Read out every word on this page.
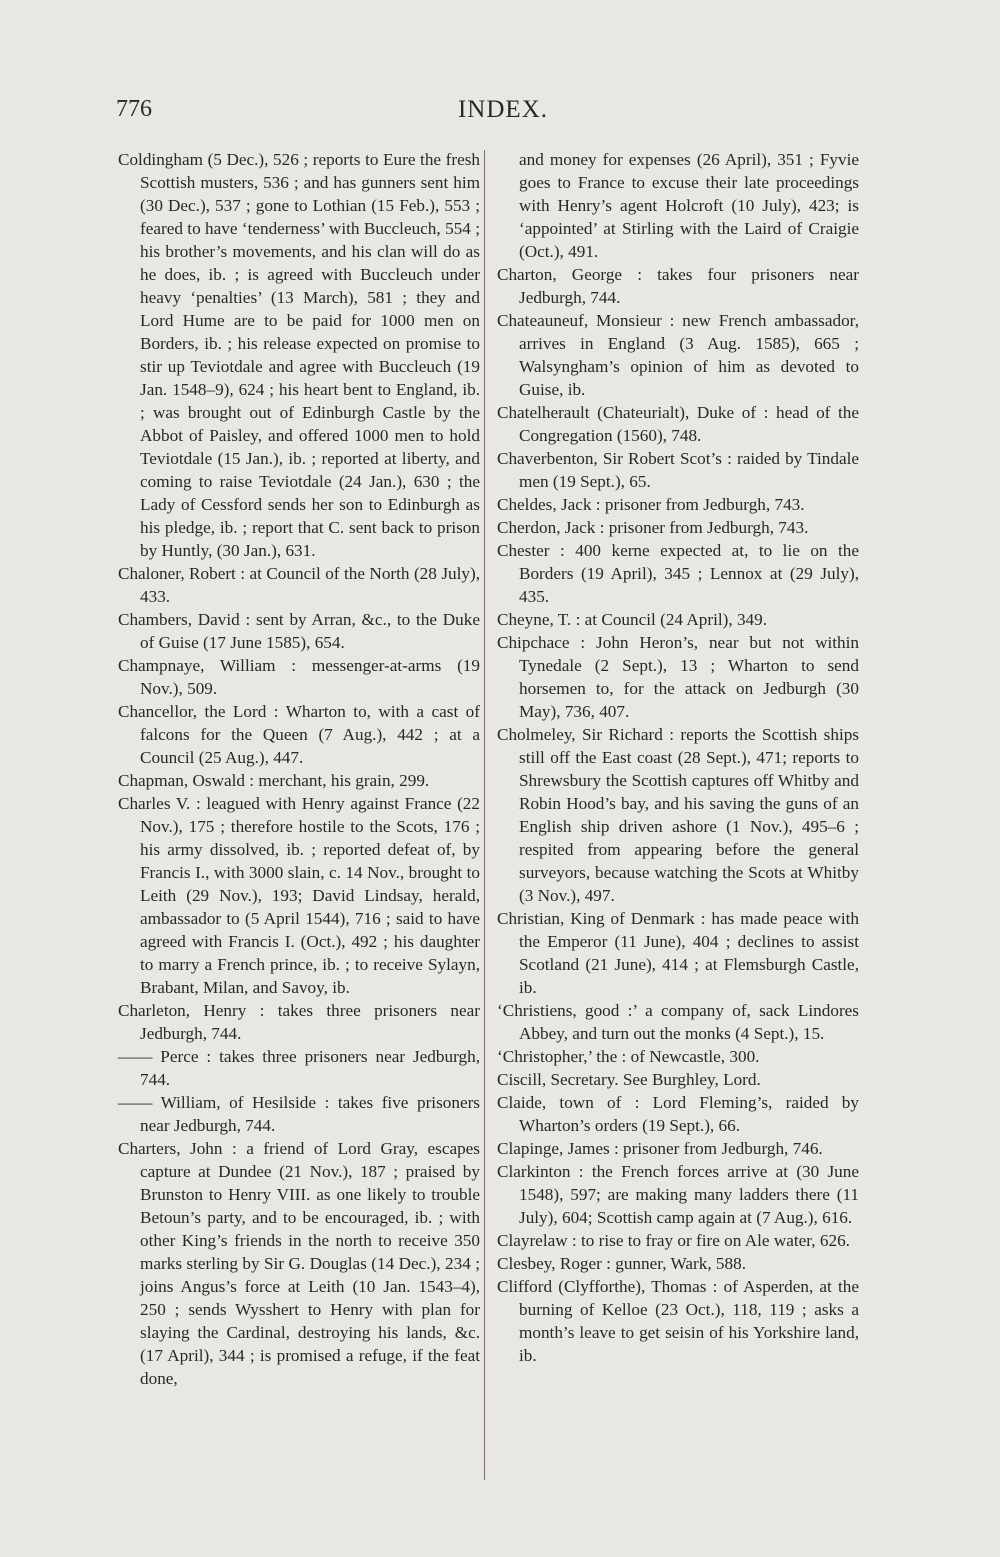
776	INDEX.

Coldingham (5 Dec.), 526 ; reports to Eure the fresh Scottish musters, 536 ; and has gunners sent him (30 Dec.), 537 ; gone to Lothian (15 Feb.), 553 ; feared to have ‘tenderness’ with Buccleuch, 554 ; his brother’s movements, and his clan will do as he does, ib. ; is agreed with Buccleuch under heavy ‘penalties’ (13 March), 581 ; they and Lord Hume are to be paid for 1000 men on Borders, ib. ; his release expected on promise to stir up Teviotdale and agree with Buccleuch (19 Jan. 1548–9), 624 ; his heart bent to England, ib. ; was brought out of Edinburgh Castle by the Abbot of Paisley, and offered 1000 men to hold Teviotdale (15 Jan.), ib. ; reported at liberty, and coming to raise Teviotdale (24 Jan.), 630 ; the Lady of Cessford sends her son to Edinburgh as his pledge, ib. ; report that C. sent back to prison by Huntly, (30 Jan.), 631.

Chaloner, Robert : at Council of the North (28 July), 433.

Chambers, David : sent by Arran, &c., to the Duke of Guise (17 June 1585), 654.

Champnaye, William : messenger-at-arms (19 Nov.), 509.

Chancellor, the Lord : Wharton to, with a cast of falcons for the Queen (7 Aug.), 442 ; at a Council (25 Aug.), 447.

Chapman, Oswald : merchant, his grain, 299.

Charles V. : leagued with Henry against France (22 Nov.), 175 ; therefore hostile to the Scots, 176 ; his army dissolved, ib. ; reported defeat of, by Francis I., with 3000 slain, c. 14 Nov., brought to Leith (29 Nov.), 193; David Lindsay, herald, ambassador to (5 April 1544), 716 ; said to have agreed with Francis I. (Oct.), 492 ; his daughter to marry a French prince, ib. ; to receive Sylayn, Brabant, Milan, and Savoy, ib.

Charleton, Henry : takes three prisoners near Jedburgh, 744.

—— Perce : takes three prisoners near Jedburgh, 744.

—— William, of Hesilside : takes five prisoners near Jedburgh, 744.

Charters, John : a friend of Lord Gray, escapes capture at Dundee (21 Nov.), 187 ; praised by Brunston to Henry VIII. as one likely to trouble Betoun’s party, and to be encouraged, ib. ; with other King’s friends in the north to receive 350 marks sterling by Sir G. Douglas (14 Dec.), 234 ; joins Angus’s force at Leith (10 Jan. 1543–4), 250 ; sends Wysshert to Henry with plan for slaying the Cardinal, destroying his lands, &c. (17 April), 344 ; is promised a refuge, if the feat done,

and money for expenses (26 April), 351 ; Fyvie goes to France to excuse their late proceedings with Henry’s agent Holcroft (10 July), 423; is ‘appointed’ at Stirling with the Laird of Craigie (Oct.), 491.

Charton, George : takes four prisoners near Jedburgh, 744.

Chateauneuf, Monsieur : new French ambassador, arrives in England (3 Aug. 1585), 665 ; Walsyngham’s opinion of him as devoted to Guise, ib.

Chatelherault (Chateurialt), Duke of : head of the Congregation (1560), 748.

Chaverbenton, Sir Robert Scot’s : raided by Tindale men (19 Sept.), 65.

Cheldes, Jack : prisoner from Jedburgh, 743.

Cherdon, Jack : prisoner from Jedburgh, 743.

Chester : 400 kerne expected at, to lie on the Borders (19 April), 345 ; Lennox at (29 July), 435.

Cheyne, T. : at Council (24 April), 349.

Chipchace : John Heron’s, near but not within Tynedale (2 Sept.), 13 ; Wharton to send horsemen to, for the attack on Jedburgh (30 May), 736, 407.

Cholmeley, Sir Richard : reports the Scottish ships still off the East coast (28 Sept.), 471; reports to Shrewsbury the Scottish captures off Whitby and Robin Hood’s bay, and his saving the guns of an English ship driven ashore (1 Nov.), 495–6 ; respited from appearing before the general surveyors, because watching the Scots at Whitby (3 Nov.), 497.

Christian, King of Denmark : has made peace with the Emperor (11 June), 404 ; declines to assist Scotland (21 June), 414 ; at Flemsburgh Castle, ib.

‘Christiens, good :’ a company of, sack Lindores Abbey, and turn out the monks (4 Sept.), 15.

‘Christopher,’ the : of Newcastle, 300.

Ciscill, Secretary. See Burghley, Lord.

Claide, town of : Lord Fleming’s, raided by Wharton’s orders (19 Sept.), 66.

Clapinge, James : prisoner from Jedburgh, 746.

Clarkinton : the French forces arrive at (30 June 1548), 597; are making many ladders there (11 July), 604; Scottish camp again at (7 Aug.), 616.

Clayrelaw : to rise to fray or fire on Ale water, 626.

Clesbey, Roger : gunner, Wark, 588.

Clifford (Clyfforthe), Thomas : of Asperden, at the burning of Kelloe (23 Oct.), 118, 119 ; asks a month’s leave to get seisin of his Yorkshire land, ib.
